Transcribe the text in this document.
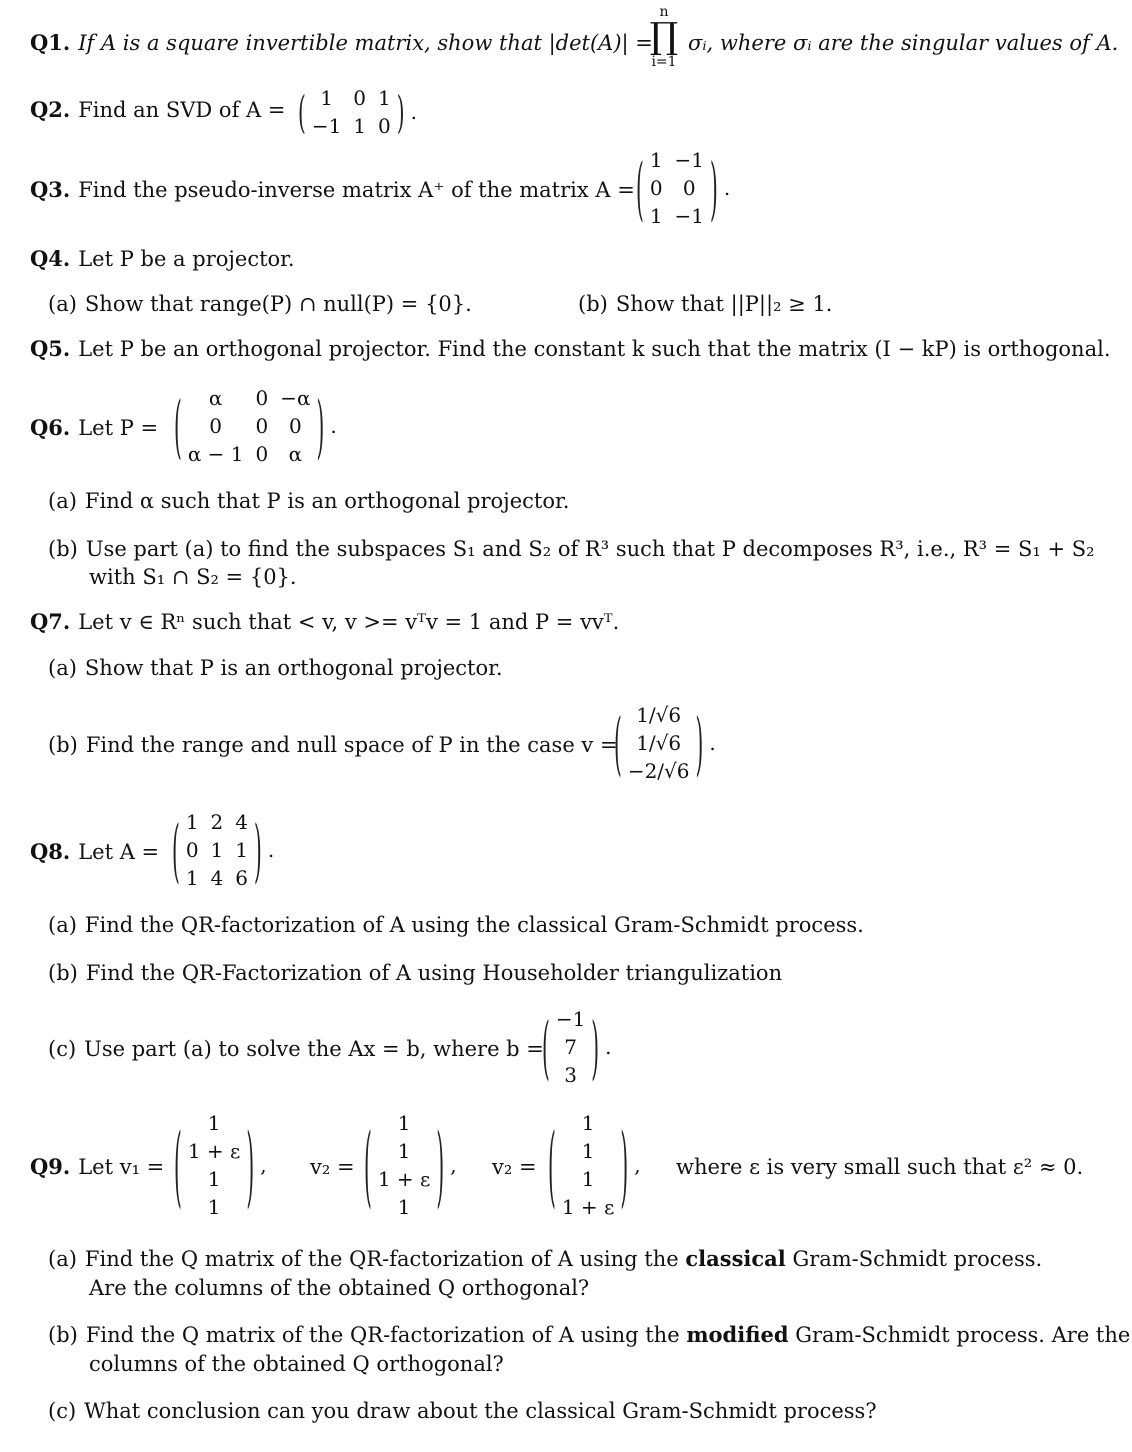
Q1. If A is a square invertible matrix, show that |det(A)| =
n
∏
i=1
σᵢ, where σᵢ are the singular values of A.
Q2. Find an SVD of A = ( 1	0 1
−1 1 0 ) .
Q3. Find the pseudo-inverse matrix A⁺ of the matrix A = ( 1 −1
0	0
1 −1 ) .
Q4. Let P be a projector.
(a) Show that range(P) ∩ null(P) = {0}.	(b) Show that ||P||₂ ≥ 1.
Q5. Let P be an orthogonal projector. Find the constant k such that the matrix (I − kP) is orthogonal.
Q6. Let P = (	α	0 −α
0	0	0
α − 1 0	α ) .
(a) Find α such that P is an orthogonal projector.
(b) Use part (a) to find the subspaces S₁ and S₂ of R³ such that P decomposes R³, i.e., R³ = S₁ + S₂
with S₁ ∩ S₂ = {0}.
Q7. Let v ∈ Rⁿ such that < v, v >= vᵀv = 1 and P = vvᵀ.
(a) Show that P is an orthogonal projector.
(b) Find the range and null space of P in the case v =
( 1/√6
1/√6
−2/√6 ) .
Q8. Let A = ( 1 2 4
0 1 1
1 4 6 ) .
(a) Find the QR-factorization of A using the classical Gram-Schmidt process.
(b) Find the QR-Factorization of A using Householder triangulization
(c) Use part (a) to solve the Ax = b, where b =
( −1
7
3 ) .
Q9. Let v₁ = (	1
1 + ε
1
1	) , v₂ = (	1
1
1 + ε
1	) , v₂ = (	1
1
1
1 + ε ) , where ε is very small such that ε² ≈ 0.
(a) Find the Q matrix of the QR-factorization of A using the classical Gram-Schmidt process.
Are the columns of the obtained Q orthogonal?
(b) Find the Q matrix of the QR-factorization of A using the modified Gram-Schmidt process. Are the
columns of the obtained Q orthogonal?
(c) What conclusion can you draw about the classical Gram-Schmidt process?
